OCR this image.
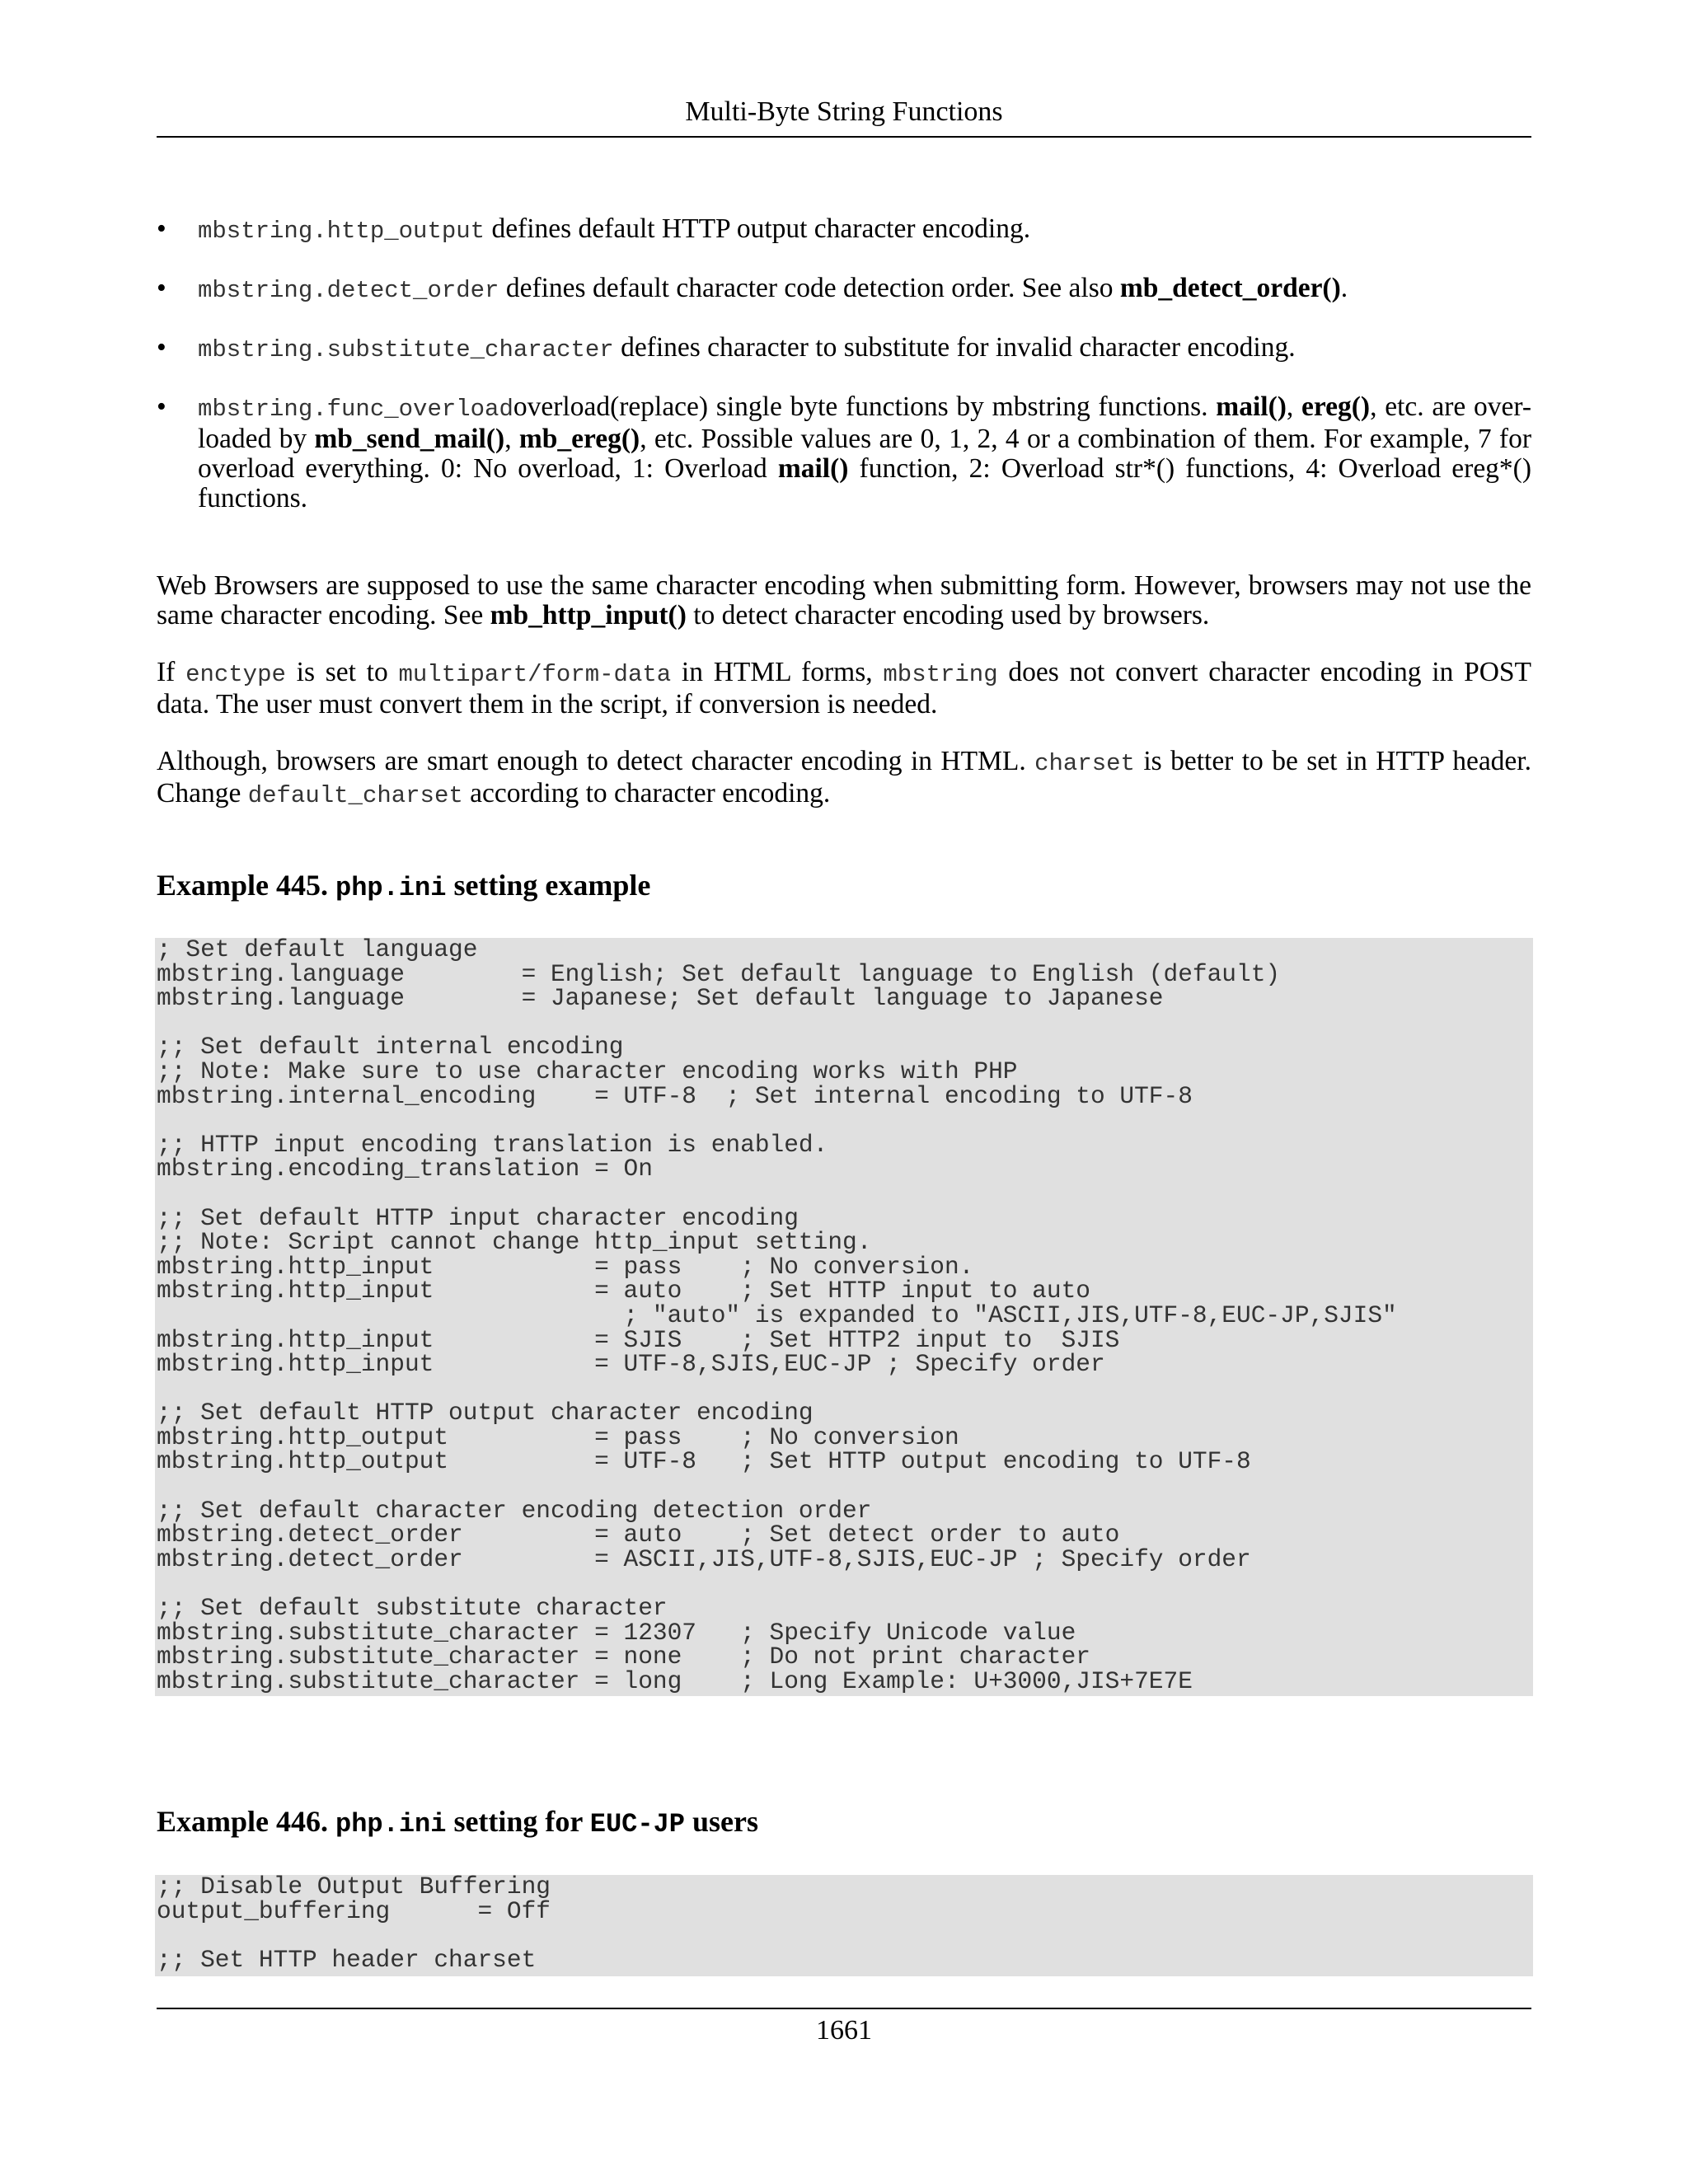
Multi-Byte String Functions
• mbstring.http_output defines default HTTP output character encoding.
• mbstring.detect_order defines default character code detection order. See also mb_detect_order().
• mbstring.substitute_character defines character to substitute for invalid character encoding.
• mbstring.func_overloadoverload(replace) single byte functions by mbstring functions. mail(), ereg(), etc. are over-loaded by mb_send_mail(), mb_ereg(), etc. Possible values are 0, 1, 2, 4 or a combination of them. For example, 7 for overload everything. 0: No overload, 1: Overload mail() function, 2: Overload str*() functions, 4: Overload ereg*() functions.

Web Browsers are supposed to use the same character encoding when submitting form. However, browsers may not use the same character encoding. See mb_http_input() to detect character encoding used by browsers.

If enctype is set to multipart/form-data in HTML forms, mbstring does not convert character encoding in POST data. The user must convert them in the script, if conversion is needed.

Although, browsers are smart enough to detect character encoding in HTML. charset is better to be set in HTTP header. Change default_charset according to character encoding.

Example 445. php.ini setting example
; Set default language
mbstring.language        = English; Set default language to English (default)
mbstring.language        = Japanese; Set default language to Japanese

;; Set default internal encoding
;; Note: Make sure to use character encoding works with PHP
mbstring.internal_encoding    = UTF-8  ; Set internal encoding to UTF-8

;; HTTP input encoding translation is enabled.
mbstring.encoding_translation = On

;; Set default HTTP input character encoding
;; Note: Script cannot change http_input setting.
mbstring.http_input           = pass    ; No conversion.
mbstring.http_input           = auto    ; Set HTTP input to auto
; "auto" is expanded to "ASCII,JIS,UTF-8,EUC-JP,SJIS"
mbstring.http_input           = SJIS    ; Set HTTP2 input to  SJIS
mbstring.http_input           = UTF-8,SJIS,EUC-JP ; Specify order

;; Set default HTTP output character encoding
mbstring.http_output          = pass    ; No conversion
mbstring.http_output          = UTF-8   ; Set HTTP output encoding to UTF-8

;; Set default character encoding detection order
mbstring.detect_order         = auto    ; Set detect order to auto
mbstring.detect_order         = ASCII,JIS,UTF-8,SJIS,EUC-JP ; Specify order

;; Set default substitute character
mbstring.substitute_character = 12307   ; Specify Unicode value
mbstring.substitute_character = none    ; Do not print character
mbstring.substitute_character = long    ; Long Example: U+3000,JIS+7E7E
Example 446. php.ini setting for EUC-JP users
;; Disable Output Buffering
output_buffering      = Off

;; Set HTTP header charset
1661
